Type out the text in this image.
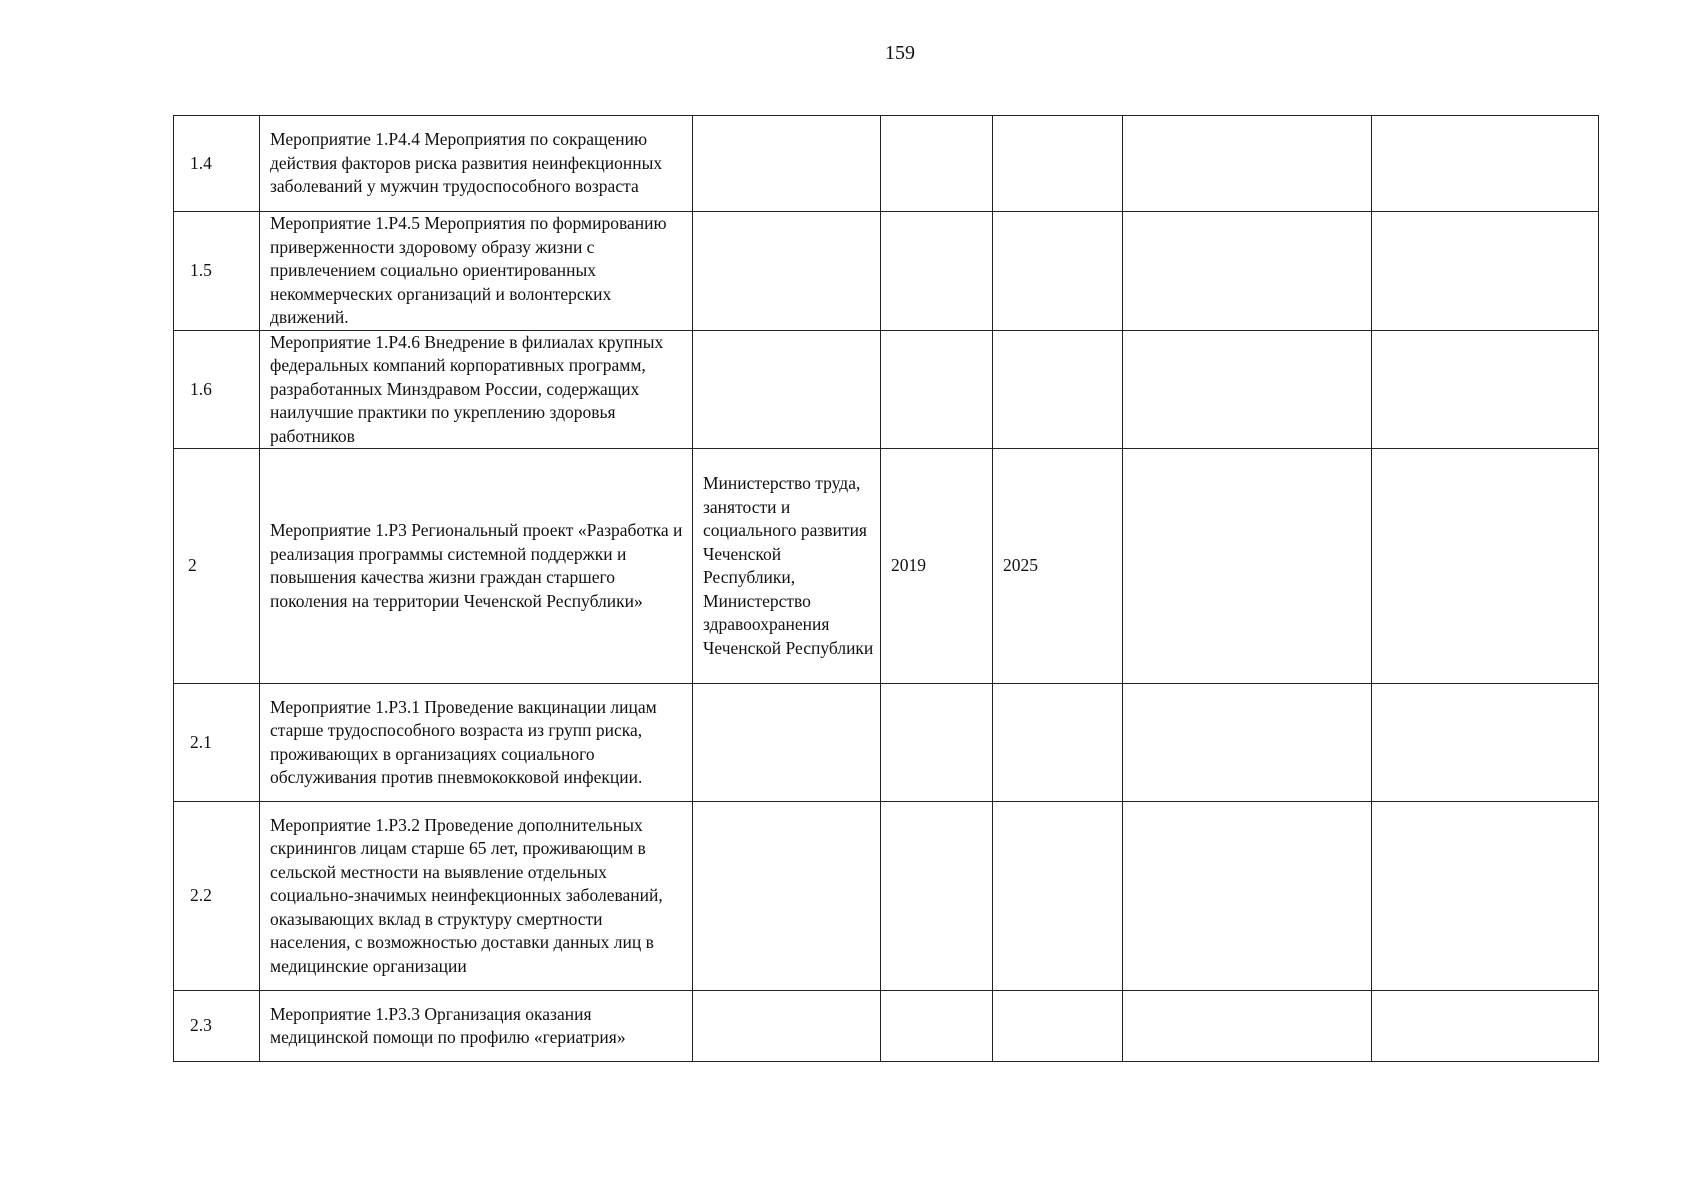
159
1.4	Мероприятие 1.Р4.4 Мероприятия по сокращению действия факторов риска развития неинфекционных заболеваний у мужчин трудоспособного возраста					
1.5	Мероприятие 1.Р4.5 Мероприятия по формированию приверженности здоровому образу жизни с привлечением социально ориентированных некоммерческих организаций и волонтерских движений.					
1.6	Мероприятие 1.Р4.6 Внедрение в филиалах крупных федеральных компаний корпоративных программ, разработанных Минздравом России, содержащих наилучшие практики по укреплению здоровья работников					
2	Мероприятие 1.Р3 Региональный проект «Разработка и реализация программы системной поддержки и повышения качества жизни граждан старшего поколения на территории Чеченской Республики»	Министерство труда, занятости и социального развития Чеченской Республики, Министерство здравоохранения Чеченской Республики	2019	2025		
2.1	Мероприятие 1.Р3.1 Проведение вакцинации лицам старше трудоспособного возраста из групп риска, проживающих в организациях социального обслуживания против пневмококковой инфекции.					
2.2	Мероприятие 1.Р3.2 Проведение дополнительных скринингов лицам старше 65 лет, проживающим в сельской местности на выявление отдельных социально-значимых неинфекционных заболеваний, оказывающих вклад в структуру смертности населения, с возможностью доставки данных лиц в медицинские организации					
2.3	Мероприятие 1.Р3.3 Организация оказания медицинской помощи по профилю «гериатрия»					
